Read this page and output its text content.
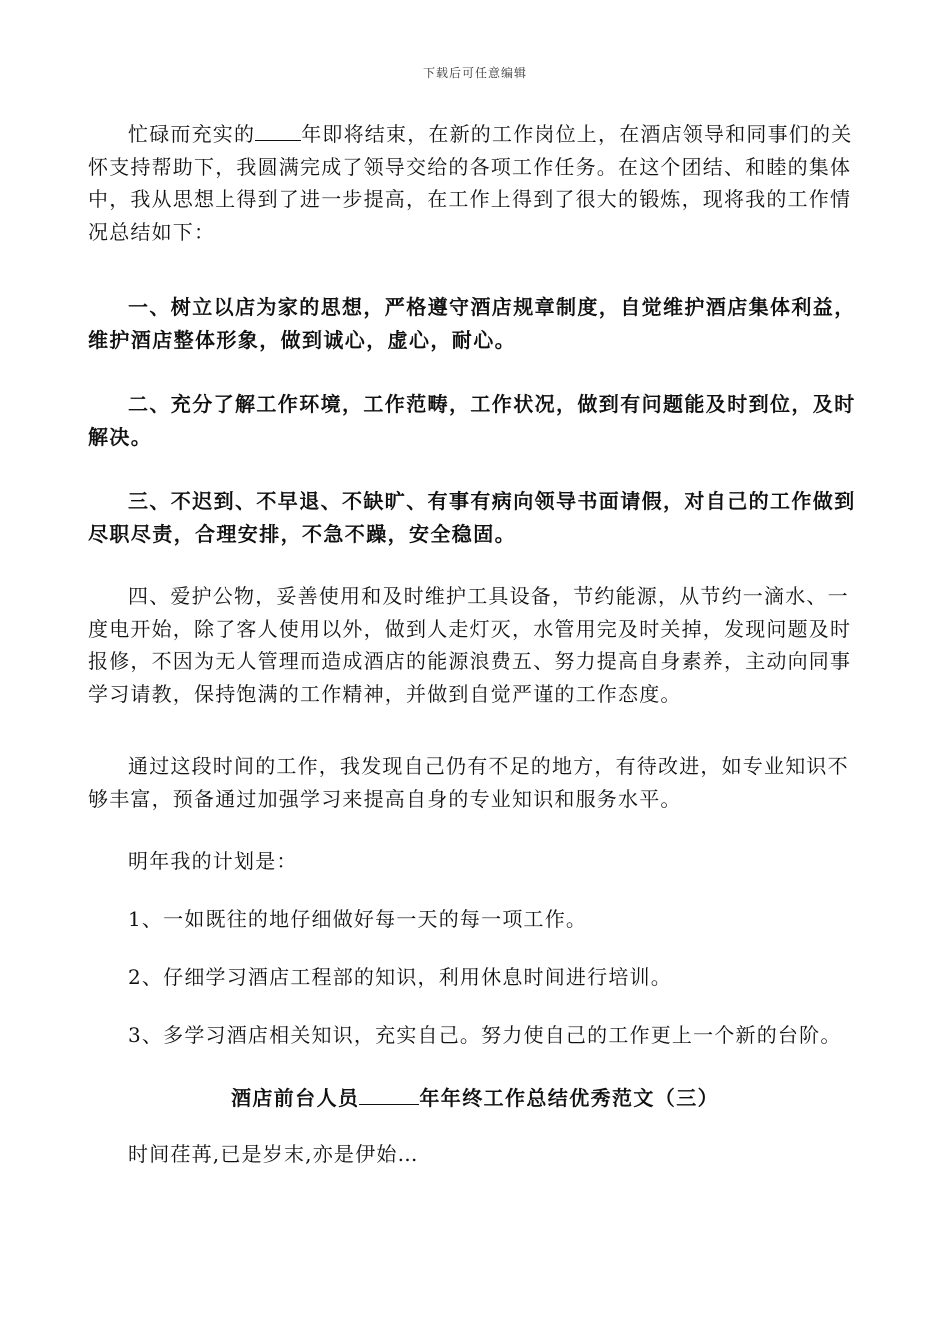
下载后可任意编辑

忙碌而充实的 年即将结束，在新的工作岗位上，在酒店领导和同事们的关怀支持帮助下，我圆满完成了领导交给的各项工作任务。在这个团结、和睦的集体中，我从思想上得到了进一步提高，在工作上得到了很大的锻炼，现将我的工作情况总结如下：

一、树立以店为家的思想，严格遵守酒店规章制度，自觉维护酒店集体利益，维护酒店整体形象，做到诚心，虚心，耐心。

二、充分了解工作环境，工作范畴，工作状况，做到有问题能及时到位，及时解决。

三、不迟到、不早退、不缺旷、有事有病向领导书面请假，对自己的工作做到尽职尽责，合理安排，不急不躁，安全稳固。

四、爱护公物，妥善使用和及时维护工具设备，节约能源，从节约一滴水、一度电开始，除了客人使用以外，做到人走灯灭，水管用完及时关掉，发现问题及时报修，不因为无人管理而造成酒店的能源浪费五、努力提高自身素养，主动向同事学习请教，保持饱满的工作精神，并做到自觉严谨的工作态度。

通过这段时间的工作，我发现自己仍有不足的地方，有待改进，如专业知识不够丰富，预备通过加强学习来提高自身的专业知识和服务水平。

明年我的计划是：

1、一如既往的地仔细做好每一天的每一项工作。

2、仔细学习酒店工程部的知识，利用休息时间进行培训。

3、多学习酒店相关知识，充实自己。努力使自己的工作更上一个新的台阶。

酒店前台人员	年年终工作总结优秀范文（三）

时间荏苒,已是岁末,亦是伊始…
